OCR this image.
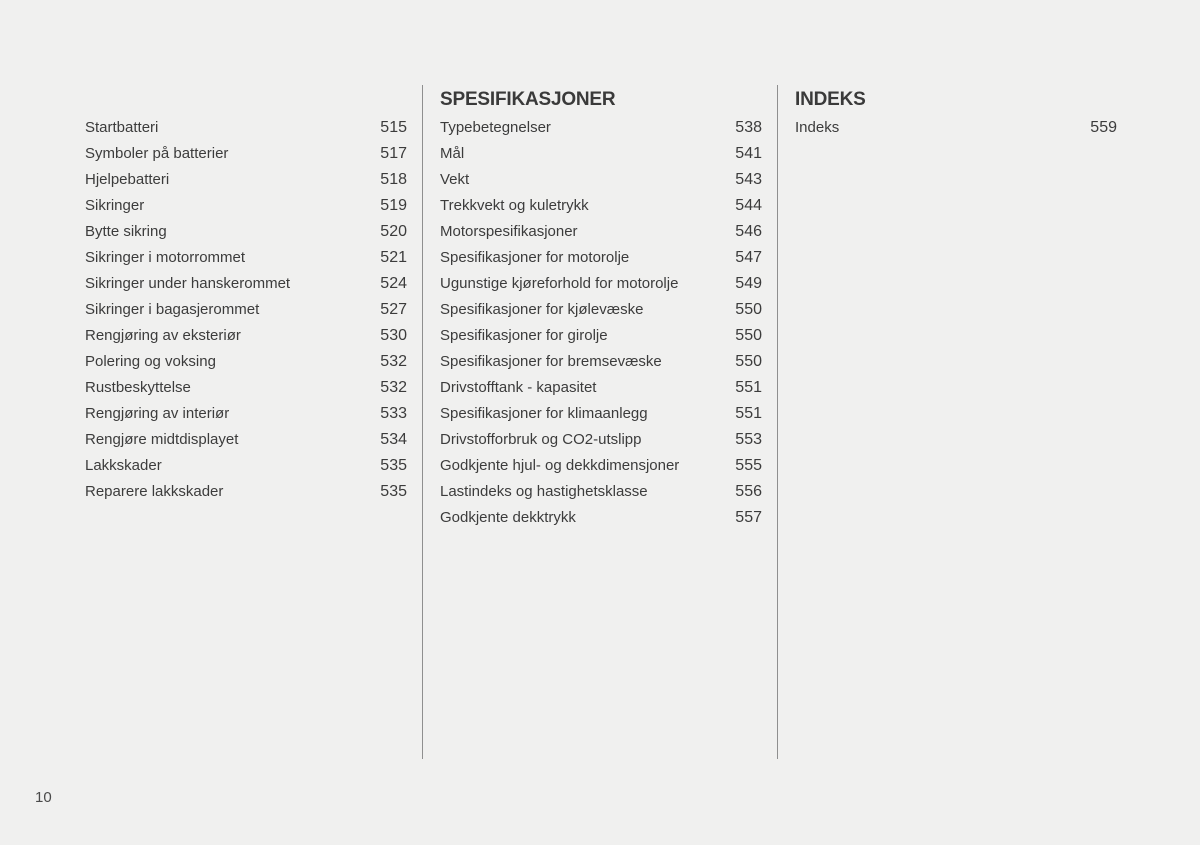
Startbatteri	515
Symboler på batterier	517
Hjelpebatteri	518
Sikringer	519
Bytte sikring	520
Sikringer i motorrommet	521
Sikringer under hanskerommet	524
Sikringer i bagasjerommet	527
Rengjøring av eksteriør	530
Polering og voksing	532
Rustbeskyttelse	532
Rengjøring av interiør	533
Rengjøre midtdisplayet	534
Lakkskader	535
Reparere lakkskader	535
SPESIFIKASJONER
Typebetegnelser	538
Mål	541
Vekt	543
Trekkvekt og kuletrykk	544
Motorspesifikasjoner	546
Spesifikasjoner for motorolje	547
Ugunstige kjøreforhold for motorolje	549
Spesifikasjoner for kjølevæske	550
Spesifikasjoner for girolje	550
Spesifikasjoner for bremsevæske	550
Drivstofftank - kapasitet	551
Spesifikasjoner for klimaanlegg	551
Drivstofforbruk og CO2-utslipp	553
Godkjente hjul- og dekkdimensjoner	555
Lastindeks og hastighetsklasse	556
Godkjente dekktrykk	557
INDEKS
Indeks	559
10
